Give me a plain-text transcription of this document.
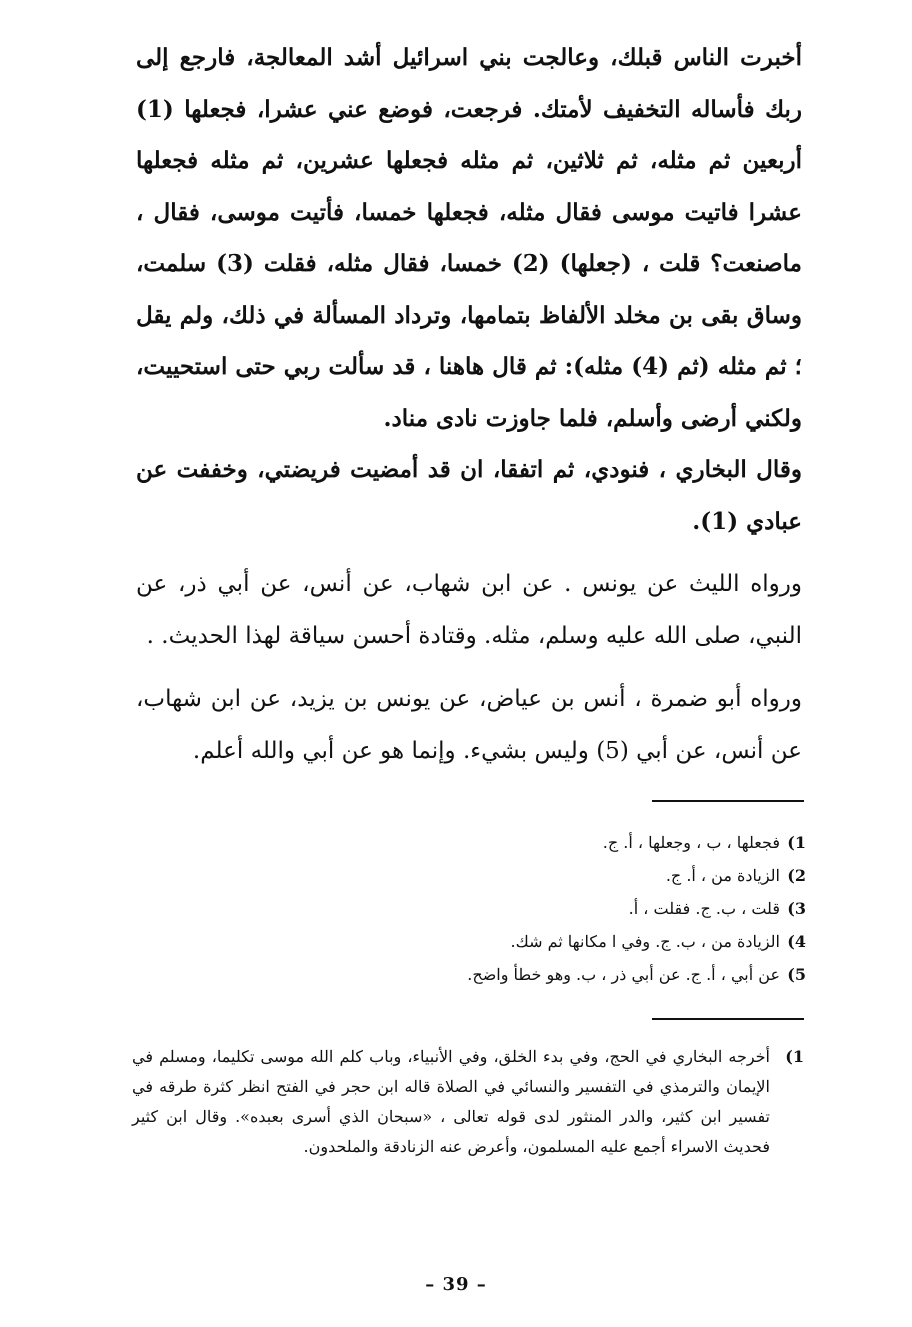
أخبرت الناس قبلك، وعالجت بني اسرائيل أشد المعالجة، فارجع إلى ربك فأساله التخفيف لأمتك. فرجعت، فوضع عني عشرا، فجعلها (1) أربعين ثم مثله، ثم ثلاثين، ثم مثله فجعلها عشرين، ثم مثله فجعلها عشرا فاتيت موسى فقال مثله، فجعلها خمسا، فأتيت موسى، فقال ، ماصنعت؟ قلت ، (جعلها) (2) خمسا، فقال مثله، فقلت (3) سلمت، وساق بقى بن مخلد الألفاظ بتمامها، وترداد المسألة في ذلك، ولم يقل ؛ ثم مثله (ثم (4) مثله): ثم قال هاهنا ، قد سألت ربي حتى استحييت، ولكني أرضى وأسلم، فلما جاوزت نادى مناد.

وقال البخاري ، فنودي، ثم اتفقا، ان قد أمضيت فريضتي، وخففت عن عبادي (1).

ورواه الليث عن يونس . عن ابن شهاب، عن أنس، عن أبي ذر، عن النبي، صلى الله عليه وسلم، مثله. وقتادة أحسن سياقة لهذا الحديث. .

ورواه أبو ضمرة ، أنس بن عياض، عن يونس بن يزيد، عن ابن شهاب، عن أنس، عن أبي (5) وليس بشيء. وإنما هو عن أبي والله أعلم.

1)
فجعلها ، ب ، وجعلها ، أ. ج.
2)
الزيادة من ، أ. ج.
3)
قلت ، ب. ج. فقلت ، أ.
4)
الزيادة من ، ب. ج. وفي ا مكانها ثم شك.
5)
عن أبي ، أ. ج. عن أبي ذر ، ب. وهو خطأ واضح.
1)
أخرجه البخاري في الحج، وفي بدء الخلق، وفي الأنبياء، وباب كلم الله موسى تكليما، ومسلم في الإيمان والترمذي في التفسير والنسائي في الصلاة قاله ابن حجر في الفتح انظر كثرة طرقه في تفسير ابن كثير، والدر المنثور لدى قوله تعالى ، «سبحان الذي أسرى بعبده». وقال ابن كثير فحديث الاسراء أجمع عليه المسلمون، وأعرض عنه الزنادقة والملحدون.
– 39 –
